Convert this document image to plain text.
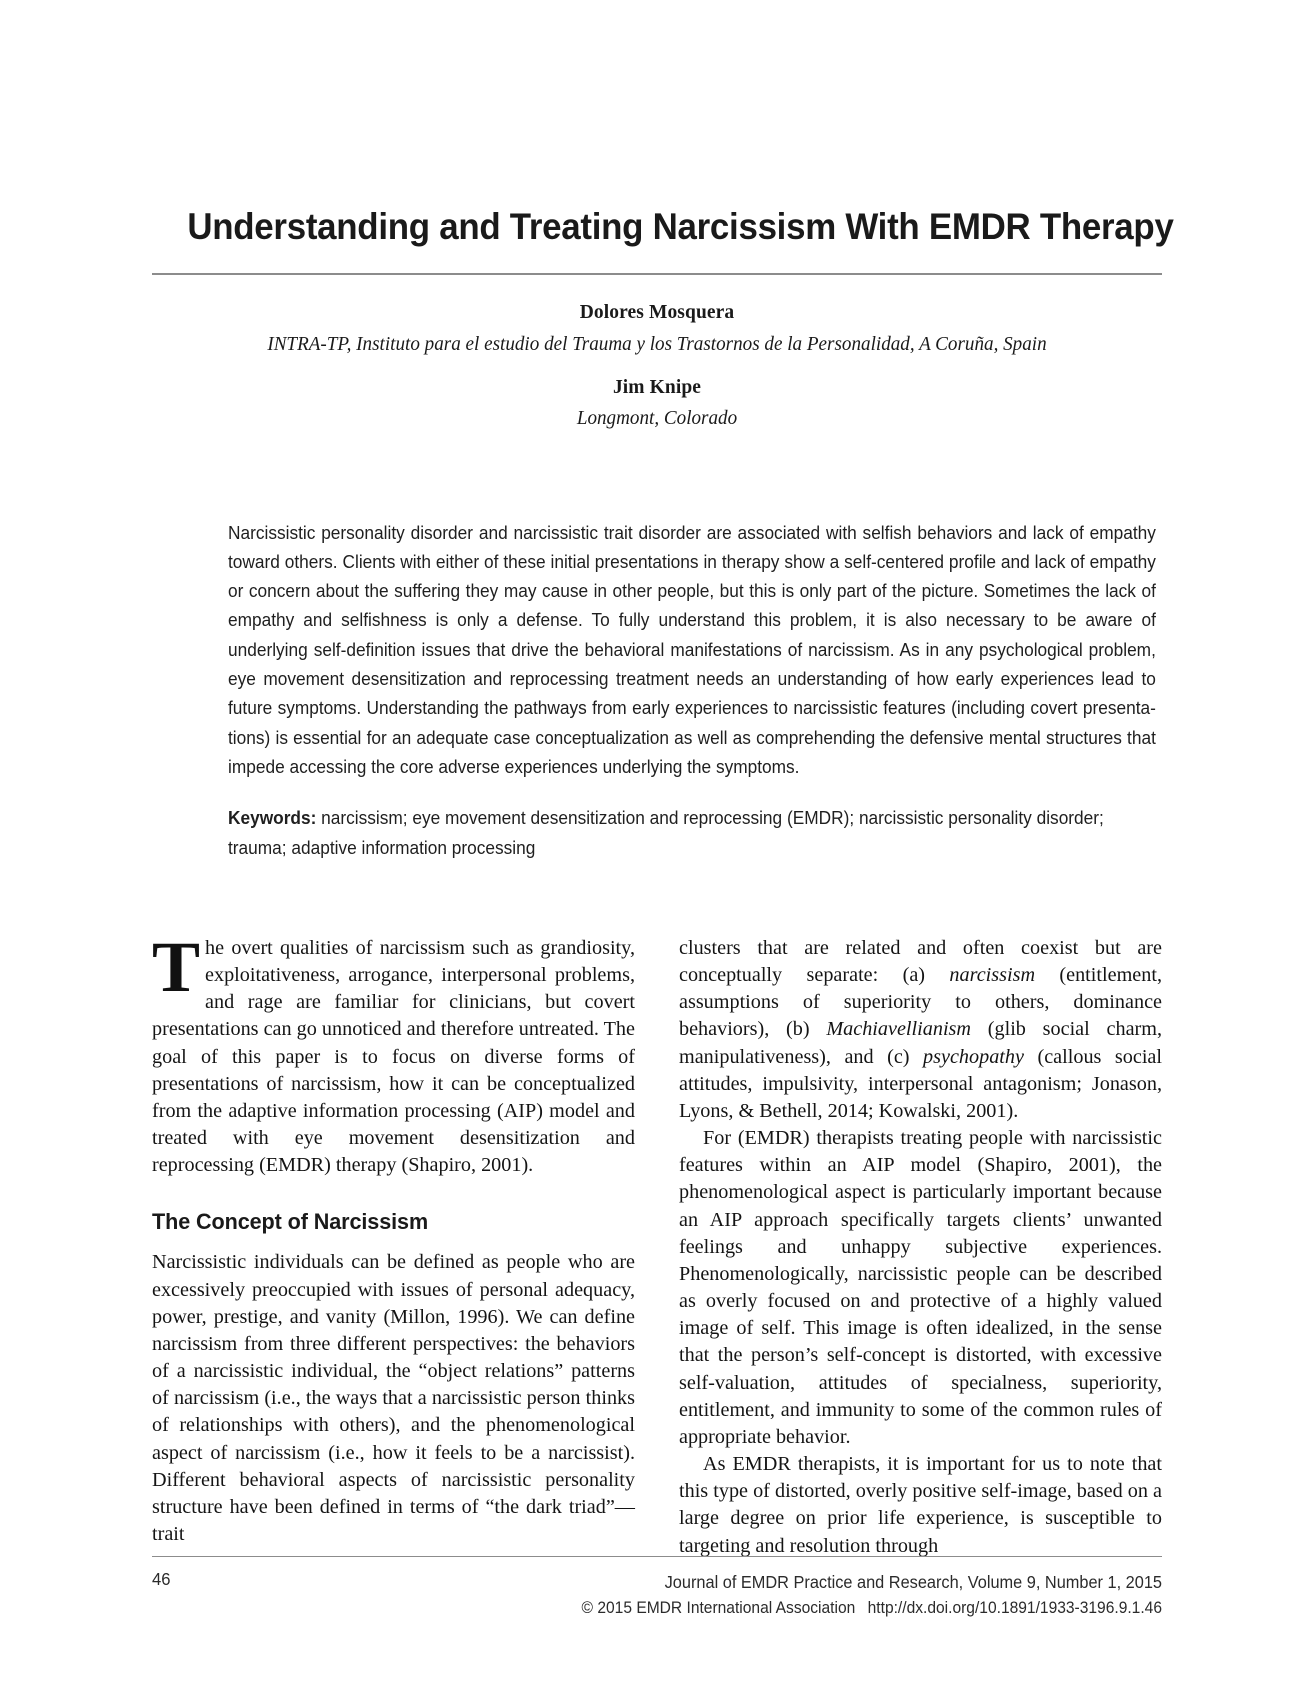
Understanding and Treating Narcissism With EMDR Therapy
Dolores Mosquera
INTRA-TP, Instituto para el estudio del Trauma y los Trastornos de la Personalidad, A Coruña, Spain
Jim Knipe
Longmont, Colorado
Narcissistic personality disorder and narcissistic trait disorder are associated with selfish behaviors and lack of empathy toward others. Clients with either of these initial presentations in therapy show a self-centered profile and lack of empathy or concern about the suffering they may cause in other people, but this is only part of the picture. Sometimes the lack of empathy and selfishness is only a defense. To fully understand this problem, it is also necessary to be aware of underlying self-definition issues that drive the behavioral manifestations of narcissism. As in any psychological problem, eye movement desensitization and reprocessing treatment needs an understanding of how early experiences lead to future symptoms. Understanding the pathways from early experiences to narcissistic features (including covert presenta-tions) is essential for an adequate case conceptualization as well as comprehending the defensive mental structures that impede accessing the core adverse experiences underlying the symptoms.
Keywords: narcissism; eye movement desensitization and reprocessing (EMDR); narcissistic personality disorder; trauma; adaptive information processing

The overt qualities of narcissism such as grandiosity, exploitativeness, arrogance, interpersonal problems, and rage are familiar for clinicians, but covert presentations can go unnoticed and therefore untreated. The goal of this paper is to focus on diverse forms of presentations of narcissism, how it can be conceptualized from the adaptive information processing (AIP) model and treated with eye movement desensitization and reprocessing (EMDR) therapy (Shapiro, 2001).

The Concept of Narcissism

Narcissistic individuals can be defined as people who are excessively preoccupied with issues of personal adequacy, power, prestige, and vanity (Millon, 1996). We can define narcissism from three different perspectives: the behaviors of a narcissistic individual, the “object relations” patterns of narcissism (i.e., the ways that a narcissistic person thinks of relationships with others), and the phenomenological aspect of narcissism (i.e., how it feels to be a narcissist). Different behavioral aspects of narcissistic personality structure have been defined in terms of “the dark triad”—trait

clusters that are related and often coexist but are conceptually separate: (a) narcissism (entitlement, assumptions of superiority to others, dominance behaviors), (b) Machiavellianism (glib social charm, manipulativeness), and (c) psychopathy (callous social attitudes, impulsivity, interpersonal antagonism; Jonason, Lyons, & Bethell, 2014; Kowalski, 2001).

For (EMDR) therapists treating people with narcissistic features within an AIP model (Shapiro, 2001), the phenomenological aspect is particularly important because an AIP approach specifically targets clients’ unwanted feelings and unhappy subjective experiences. Phenomenologically, narcissistic people can be described as overly focused on and protective of a highly valued image of self. This image is often idealized, in the sense that the person’s self-concept is distorted, with excessive self-valuation, attitudes of specialness, superiority, entitlement, and immunity to some of the common rules of appropriate behavior.

As EMDR therapists, it is important for us to note that this type of distorted, overly positive self-image, based on a large degree on prior life experience, is susceptible to targeting and resolution through

46	Journal of EMDR Practice and Research, Volume 9, Number 1, 2015
© 2015 EMDR International Association http://dx.doi.org/10.1891/1933-3196.9.1.46
